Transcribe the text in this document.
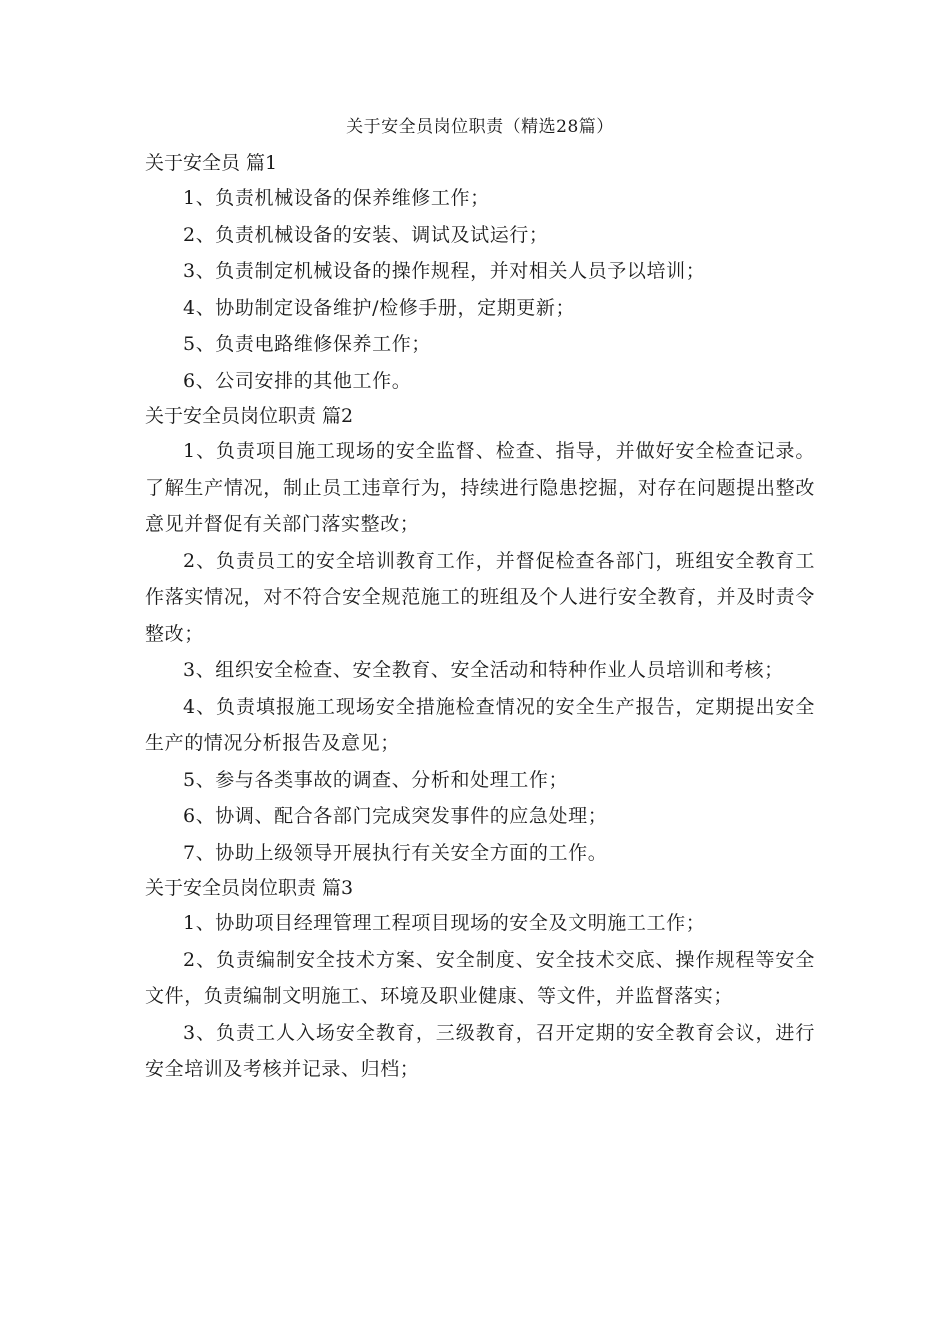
关于安全员岗位职责（精选28篇）
关于安全员 篇1

1、负责机械设备的保养维修工作；

2、负责机械设备的安装、调试及试运行；

3、负责制定机械设备的操作规程，并对相关人员予以培训；

4、协助制定设备维护/检修手册，定期更新；

5、负责电路维修保养工作；

6、公司安排的其他工作。

关于安全员岗位职责 篇2

1、负责项目施工现场的安全监督、检查、指导，并做好安全检查记录。了解生产情况，制止员工违章行为，持续进行隐患挖掘，对存在问题提出整改意见并督促有关部门落实整改；

2、负责员工的安全培训教育工作，并督促检查各部门，班组安全教育工作落实情况，对不符合安全规范施工的班组及个人进行安全教育，并及时责令整改；

3、组织安全检查、安全教育、安全活动和特种作业人员培训和考核；

4、负责填报施工现场安全措施检查情况的安全生产报告，定期提出安全生产的情况分析报告及意见；

5、参与各类事故的调查、分析和处理工作；

6、协调、配合各部门完成突发事件的应急处理；

7、协助上级领导开展执行有关安全方面的工作。

关于安全员岗位职责 篇3

1、协助项目经理管理工程项目现场的安全及文明施工工作；

2、负责编制安全技术方案、安全制度、安全技术交底、操作规程等安全文件，负责编制文明施工、环境及职业健康、等文件，并监督落实；

3、负责工人入场安全教育，三级教育，召开定期的安全教育会议，进行安全培训及考核并记录、归档；
